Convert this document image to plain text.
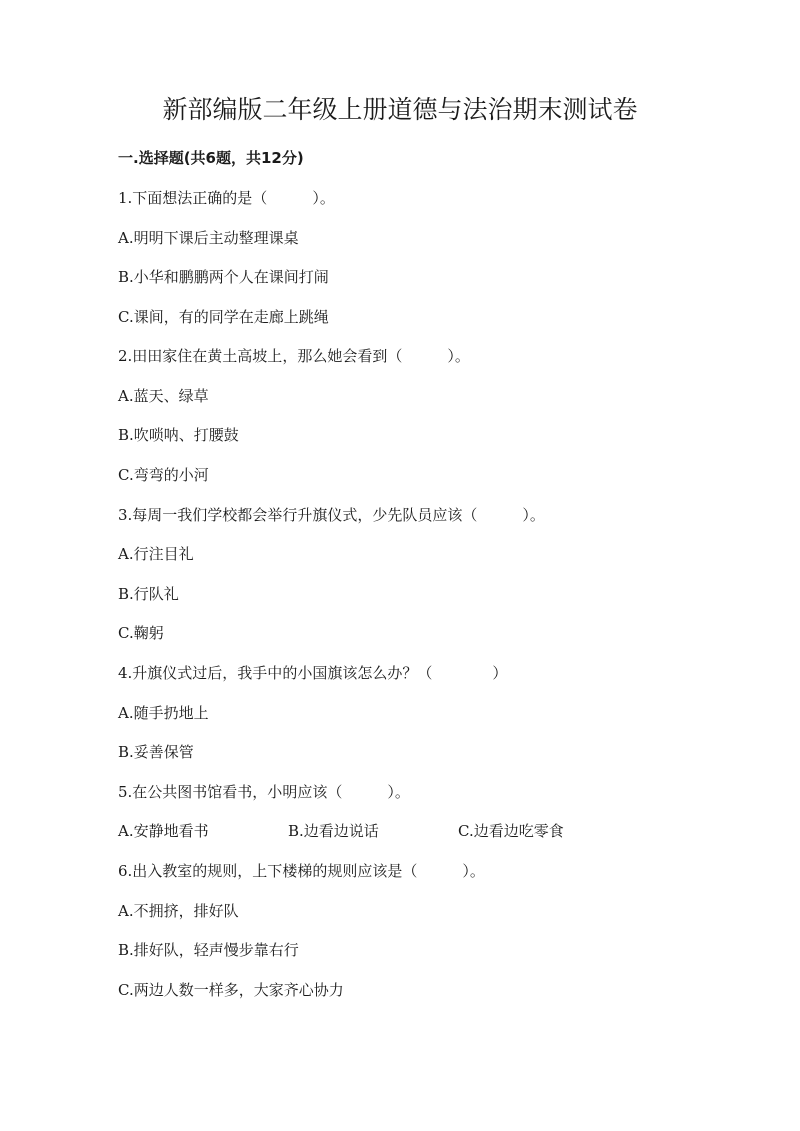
新部编版二年级上册道德与法治期末测试卷
一.选择题(共6题，共12分)
1.下面想法正确的是（　　　）。
A.明明下课后主动整理课桌
B.小华和鹏鹏两个人在课间打闹
C.课间，有的同学在走廊上跳绳
2.田田家住在黄土高坡上，那么她会看到（　　　）。
A.蓝天、绿草
B.吹唢呐、打腰鼓
C.弯弯的小河
3.每周一我们学校都会举行升旗仪式，少先队员应该（　　　）。
A.行注目礼
B.行队礼
C.鞠躬
4.升旗仪式过后，我手中的小国旗该怎么办？（　　　　）
A.随手扔地上
B.妥善保管
5.在公共图书馆看书，小明应该（　　　）。
A.安静地看书	B.边看边说话	C.边看边吃零食
6.出入教室的规则，上下楼梯的规则应该是（　　　）。
A.不拥挤，排好队
B.排好队，轻声慢步靠右行
C.两边人数一样多，大家齐心协力
